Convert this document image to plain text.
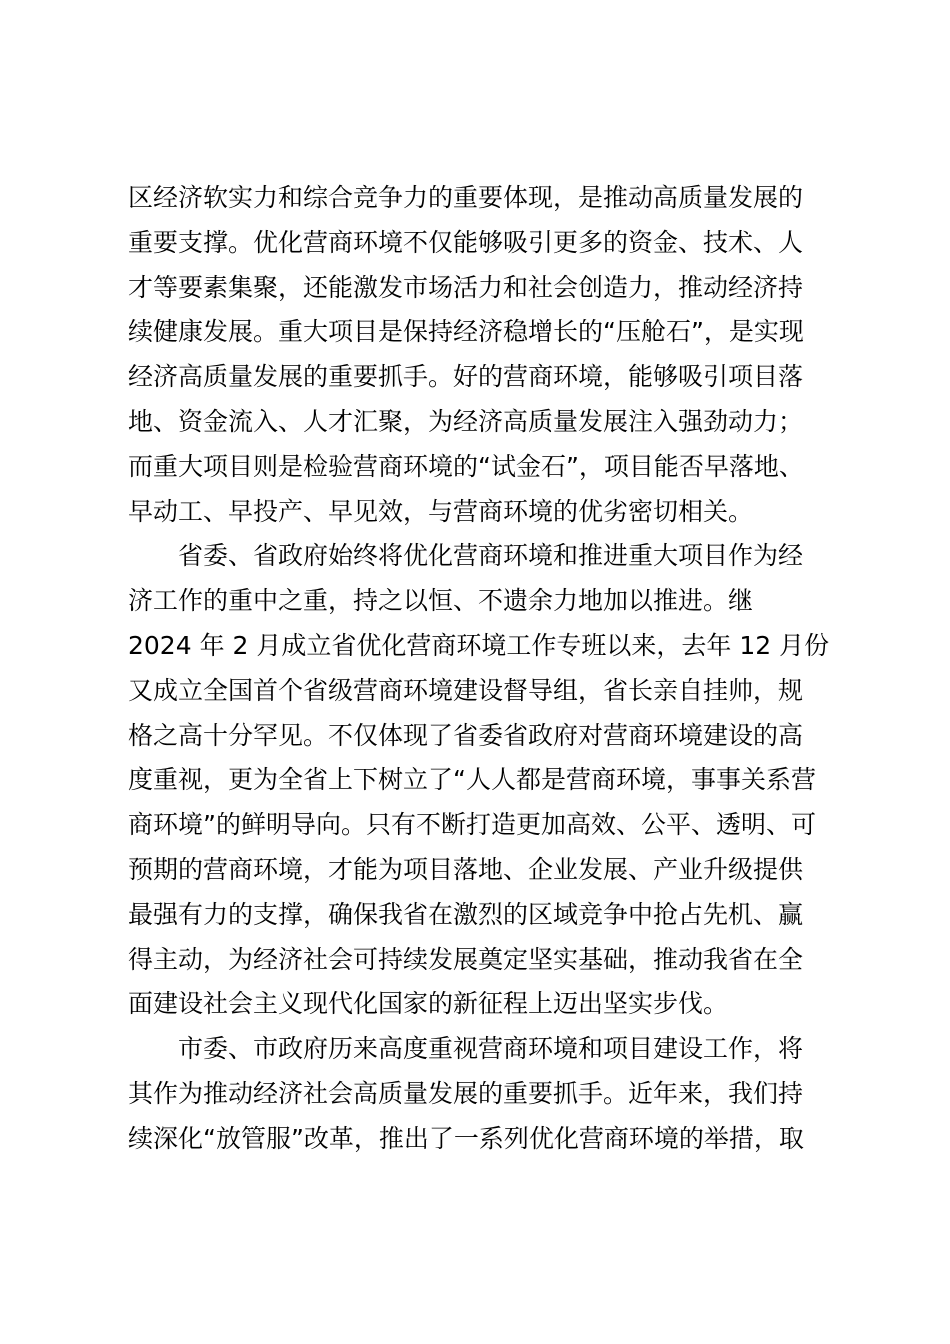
区经济软实力和综合竞争力的重要体现，是推动高质量发展的
重要支撑。优化营商环境不仅能够吸引更多的资金、技术、人
才等要素集聚，还能激发市场活力和社会创造力，推动经济持
续健康发展。重大项目是保持经济稳增长的“压舱石”，是实现
经济高质量发展的重要抓手。好的营商环境，能够吸引项目落
地、资金流入、人才汇聚，为经济高质量发展注入强劲动力；
而重大项目则是检验营商环境的“试金石”，项目能否早落地、
早动工、早投产、早见效，与营商环境的优劣密切相关。
省委、省政府始终将优化营商环境和推进重大项目作为经
济工作的重中之重，持之以恒、不遗余力地加以推进。继
2024 年 2 月成立省优化营商环境工作专班以来，去年 12 月份
又成立全国首个省级营商环境建设督导组，省长亲自挂帅，规
格之高十分罕见。不仅体现了省委省政府对营商环境建设的高
度重视，更为全省上下树立了“人人都是营商环境，事事关系营
商环境”的鲜明导向。只有不断打造更加高效、公平、透明、可
预期的营商环境，才能为项目落地、企业发展、产业升级提供
最强有力的支撑，确保我省在激烈的区域竞争中抢占先机、赢
得主动，为经济社会可持续发展奠定坚实基础，推动我省在全
面建设社会主义现代化国家的新征程上迈出坚实步伐。
市委、市政府历来高度重视营商环境和项目建设工作，将
其作为推动经济社会高质量发展的重要抓手。近年来，我们持
续深化“放管服”改革，推出了一系列优化营商环境的举措，取
